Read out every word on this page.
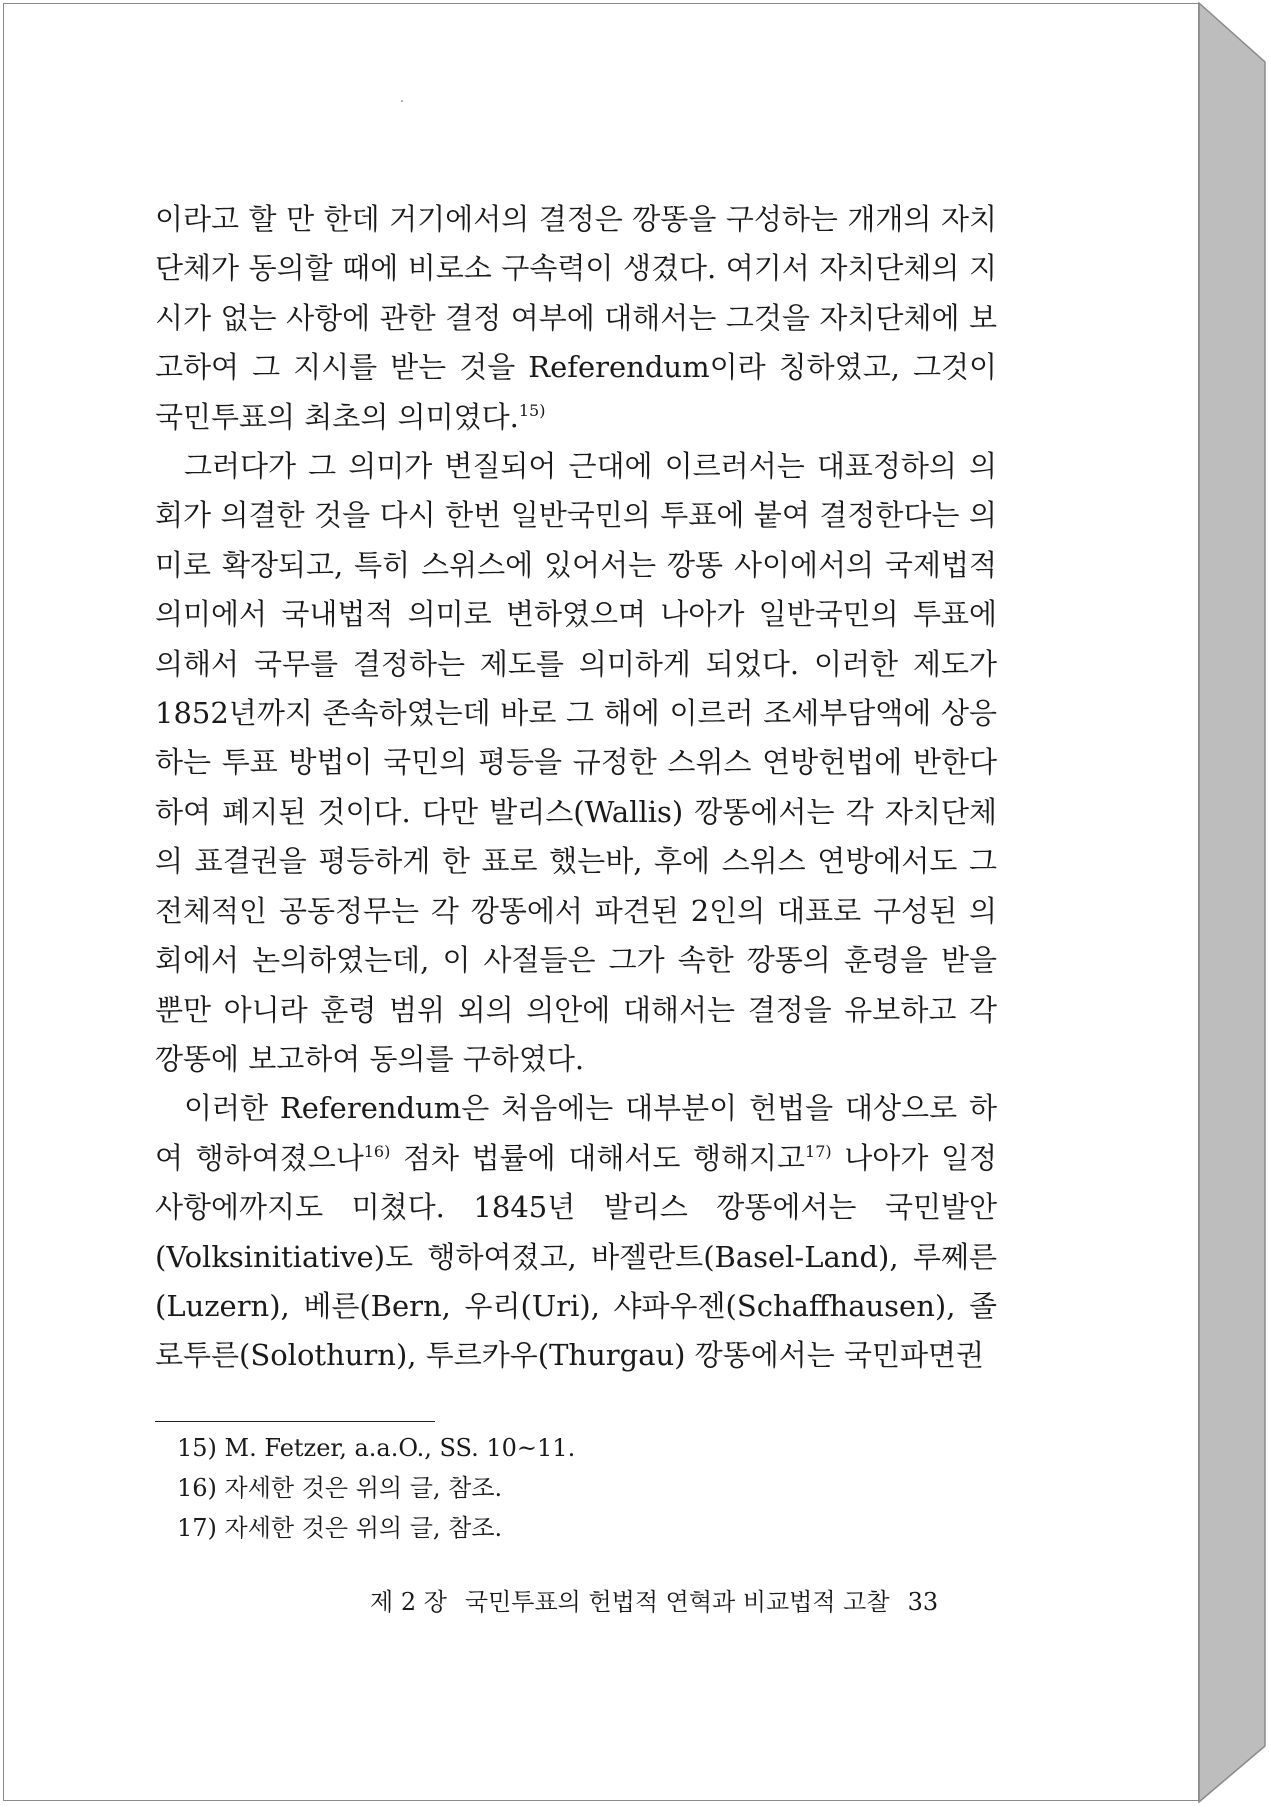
이라고 할 만 한데 거기에서의 결정은 깡똥을 구성하는 개개의 자치단체가 동의할 때에 비로소 구속력이 생겼다. 여기서 자치단체의 지시가 없는 사항에 관한 결정 여부에 대해서는 그것을 자치단체에 보고하여 그 지시를 받는 것을 Referendum이라 칭하였고, 그것이 국민투표의 최초의 의미였다.$^{15)}$

그러다가 그 의미가 변질되어 근대에 이르러서는 대표정하의 의회가 의결한 것을 다시 한번 일반국민의 투표에 붙여 결정한다는 의미로 확장되고, 특히 스위스에 있어서는 깡똥 사이에서의 국제법적 의미에서 국내법적 의미로 변하였으며 나아가 일반국민의 투표에 의해서 국무를 결정하는 제도를 의미하게 되었다. 이러한 제도가 1852년까지 존속하였는데 바로 그 해에 이르러 조세부담액에 상응하는 투표 방법이 국민의 평등을 규정한 스위스 연방헌법에 반한다 하여 폐지된 것이다. 다만 발리스(Wallis) 깡똥에서는 각 자치단체의 표결권을 평등하게 한 표로 했는바, 후에 스위스 연방에서도 그 전체적인 공동정무는 각 깡똥에서 파견된 2인의 대표로 구성된 의회에서 논의하였는데, 이 사절들은 그가 속한 깡똥의 훈령을 받을 뿐만 아니라 훈령 범위 외의 의안에 대해서는 결정을 유보하고 각 깡똥에 보고하여 동의를 구하였다.

이러한 Referendum은 처음에는 대부분이 헌법을 대상으로 하여 행하여졌으나$^{16)}$ 점차 법률에 대해서도 행해지고$^{17)}$ 나아가 일정 사항에까지도 미쳤다. 1845년 발리스 깡똥에서는 국민발안(Volksinitiative)도 행하여졌고, 바젤란트(Basel-Land), 루쩨른(Luzern), 베른(Bern, 우리(Uri), 샤파우젠(Schaffhausen), 졸로투른(Solothurn), 투르카우(Thurgau) 깡똥에서는 국민파면권

15) M. Fetzer, a.a.O., SS. 10~11.
16) 자세한 것은 위의 글, 참조.
17) 자세한 것은 위의 글, 참조.
제 2 장 국민투표의 헌법적 연혁과 비교법적 고찰 33
